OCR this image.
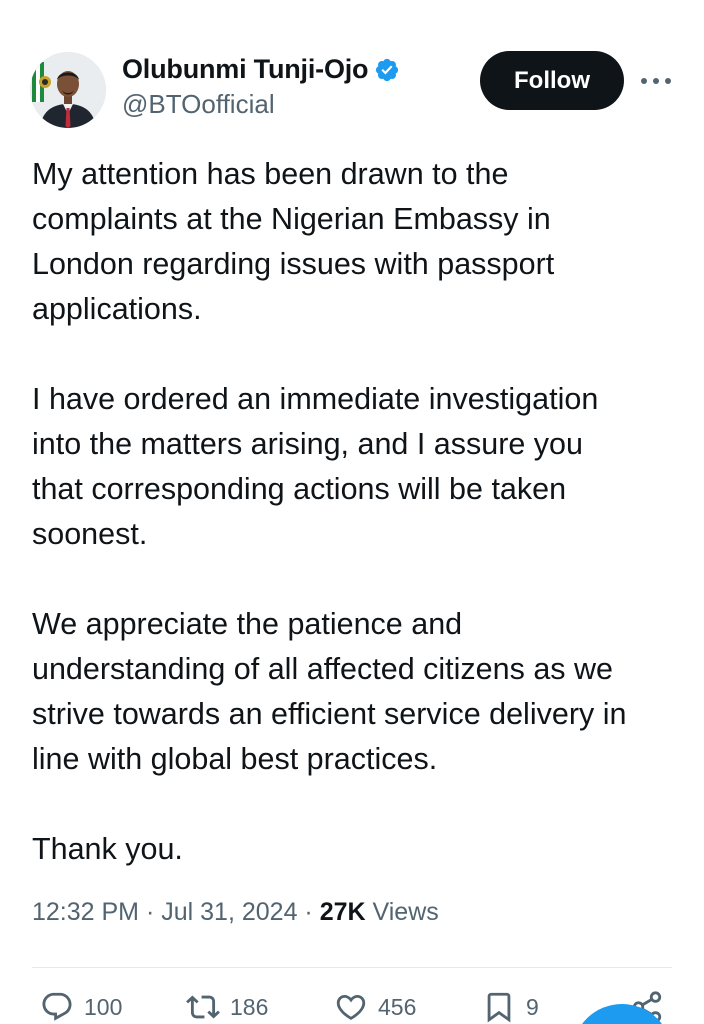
Olubunmi Tunji-Ojo
@BTOofficial
Follow

My attention has been drawn to the
complaints at the Nigerian Embassy in
London regarding issues with passport
applications.

I have ordered an immediate investigation
into the matters arising, and I assure you
that corresponding actions will be taken
soonest.

We appreciate the patience and
understanding of all affected citizens as we
strive towards an efficient service delivery in
line with global best practices.

Thank you.

12:32 PM · Jul 31, 2024 · 27K Views
100	186	456	9
